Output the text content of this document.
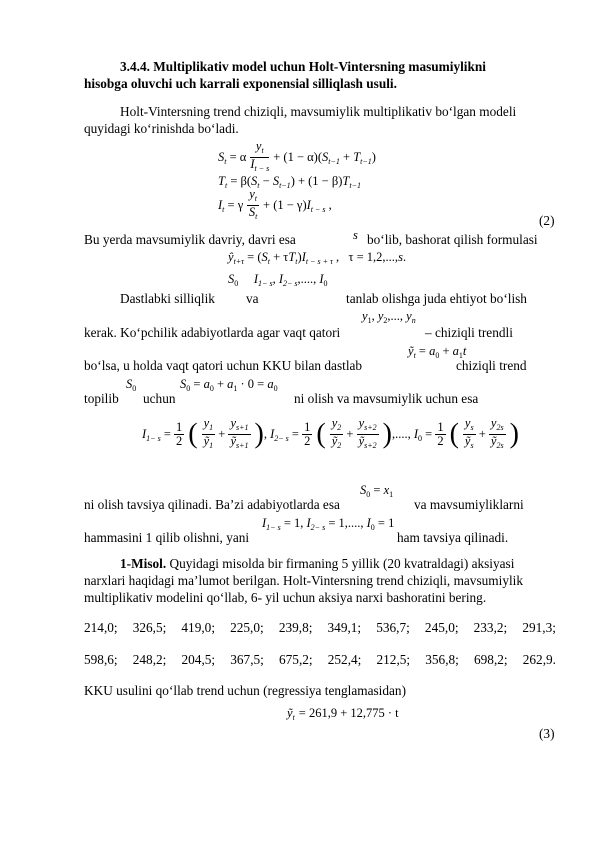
3.4.4. Multiplikativ model uchun Holt-Vintersning masumiylikni
hisobga oluvchi uch karrali exponensial silliqlash usuli.
Holt-Vintersning trend chiziqli, mavsumiylik multiplikativ bo‘lgan modeli
quyidagi ko‘rinishda bo‘ladi.
$S_t = \alpha \frac{y_t}{I_{t - s}} + (1 - \alpha)(S_{t-1} + T_{t-1})$
$T_t = \beta(S_t - S_{t-1}) + (1 - \beta)T_{t-1}$
$I_t = \gamma \frac{y_t}{S_t} + (1 - \gamma)I_{t - s}$ ,
(2)
Bu yerda mavsumiylik davriy, davri esa	s bo‘lib, bashorat qilish formulasi
$ŷ_{t+\tau} = (S_t + \tau T_t)I_{t - s + \tau}$ ,   τ = 1,2,...,s.
$S_0$ $I_{1- s}$, $I_{2- s}$,...., $I_0$
Dastlabki silliqlik va	tanlab olishga juda ehtiyot bo‘lish
$y_1$, $y_2$,..., $y_n$
kerak. Ko‘pchilik adabiyotlarda agar vaqt qatori	– chiziqli trendli
ỹ$_t$ = $a_0 + a_1t$
bo‘lsa, u holda vaqt qatori uchun KKU bilan dastlab	chiziqli trend
$S_0$	$S_0 = a_0 + a_1 \cdot 0 = a_0$
topilib uchun	ni olish va mavsumiylik uchun esa
$I_{1- s} = \frac{1}{2}$ ( $\frac{y_1}{ỹ_1} + \frac{y_{s+1}}{ỹ_{s+1}}$ ), $I_{2- s} = \frac{1}{2}$ ( $\frac{y_2}{ỹ_2} + \frac{y_{s+2}}{ỹ_{s+2}}$ ),...., $I_0 = \frac{1}{2}$ ( $\frac{y_s}{ỹ_s} + \frac{y_{2s}}{ỹ_{2s}}$ )
$S_0 = x_1$
ni olish tavsiya qilinadi. Ba’zi adabiyotlarda esa	va mavsumiyliklarni
$I_{1- s} = 1$, $I_{2- s} = 1$,...., $I_0 = 1$
hammasini 1 qilib olishni, yani	ham tavsiya qilinadi.
1-Misol. Quyidagi misolda bir firmaning 5 yillik (20 kvatraldagi) aksiyasi
narxlari haqidagi ma’lumot berilgan. Holt-Vintersning trend chiziqli, mavsumiylik
multiplikativ modelini qo‘llab, 6- yil uchun aksiya narxi bashoratini bering.
214,0; 326,5; 419,0; 225,0; 239,8; 349,1; 536,7; 245,0; 233,2; 291,3;
598,6; 248,2; 204,5; 367,5; 675,2; 252,4; 212,5; 356,8; 698,2; 262,9.
KKU usulini qo‘llab trend uchun (regressiya tenglamasidan)
ỹ$_t$ = 261,9 + 12,775 · t
(3)
